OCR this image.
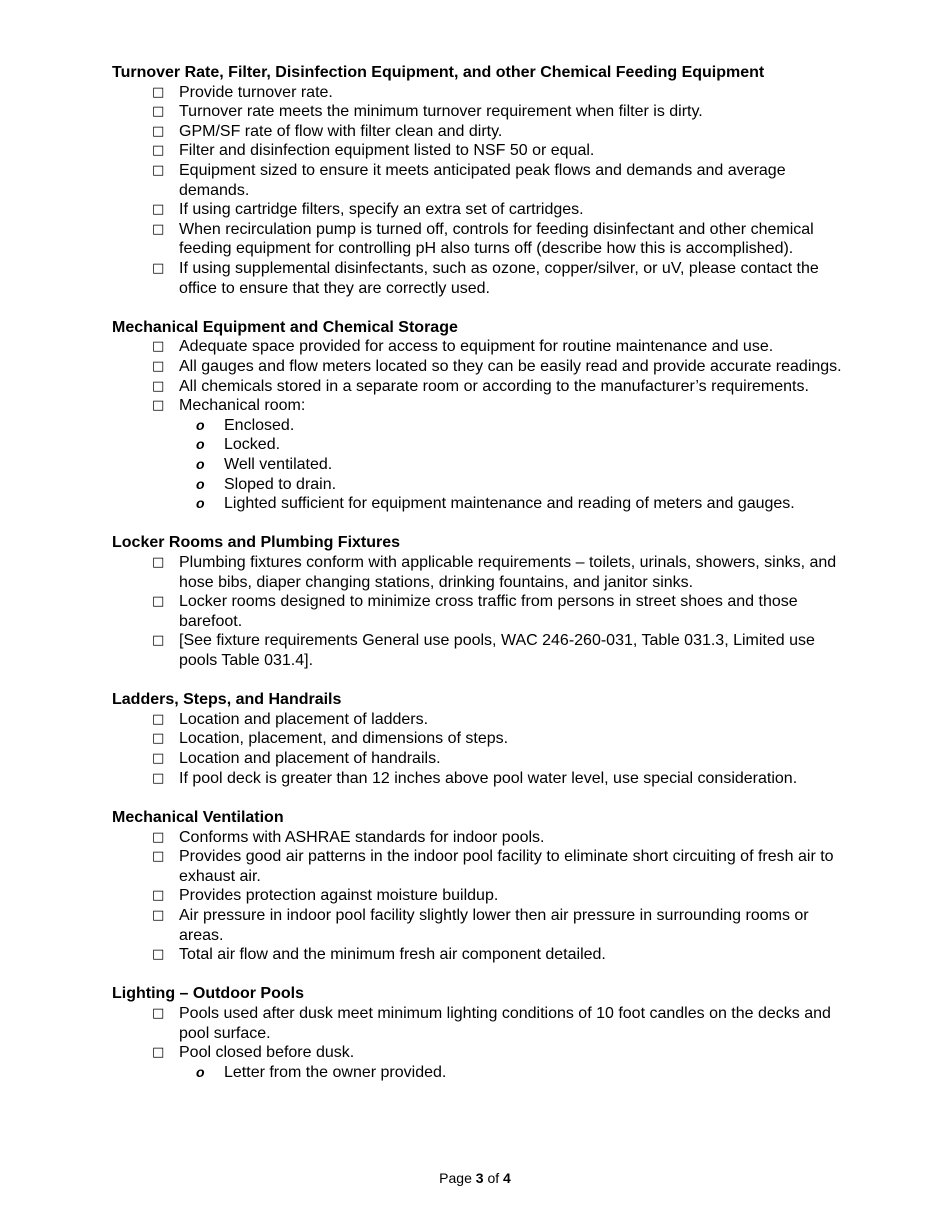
Turnover Rate, Filter, Disinfection Equipment, and other Chemical Feeding Equipment
□ Provide turnover rate.
□ Turnover rate meets the minimum turnover requirement when filter is dirty.
□ GPM/SF rate of flow with filter clean and dirty.
□ Filter and disinfection equipment listed to NSF 50 or equal.
□ Equipment sized to ensure it meets anticipated peak flows and demands and average demands.
□ If using cartridge filters, specify an extra set of cartridges.
□ When recirculation pump is turned off, controls for feeding disinfectant and other chemical feeding equipment for controlling pH also turns off (describe how this is accomplished).
□ If using supplemental disinfectants, such as ozone, copper/silver, or uV, please contact the office to ensure that they are correctly used.
Mechanical Equipment and Chemical Storage
□ Adequate space provided for access to equipment for routine maintenance and use.
□ All gauges and flow meters located so they can be easily read and provide accurate readings.
□ All chemicals stored in a separate room or according to the manufacturer’s requirements.
□ Mechanical room:
o Enclosed.
o Locked.
o Well ventilated.
o Sloped to drain.
o Lighted sufficient for equipment maintenance and reading of meters and gauges.
Locker Rooms and Plumbing Fixtures
□ Plumbing fixtures conform with applicable requirements – toilets, urinals, showers, sinks, and hose bibs, diaper changing stations, drinking fountains, and janitor sinks.
□ Locker rooms designed to minimize cross traffic from persons in street shoes and those barefoot.
□ [See fixture requirements General use pools, WAC 246-260-031, Table 031.3, Limited use pools Table 031.4].
Ladders, Steps, and Handrails
□ Location and placement of ladders.
□ Location, placement, and dimensions of steps.
□ Location and placement of handrails.
□ If pool deck is greater than 12 inches above pool water level, use special consideration.
Mechanical Ventilation
□ Conforms with ASHRAE standards for indoor pools.
□ Provides good air patterns in the indoor pool facility to eliminate short circuiting of fresh air to exhaust air.
□ Provides protection against moisture buildup.
□ Air pressure in indoor pool facility slightly lower then air pressure in surrounding rooms or areas.
□ Total air flow and the minimum fresh air component detailed.
Lighting – Outdoor Pools
□ Pools used after dusk meet minimum lighting conditions of 10 foot candles on the decks and pool surface.
□ Pool closed before dusk.
o Letter from the owner provided.
Page 3 of 4
